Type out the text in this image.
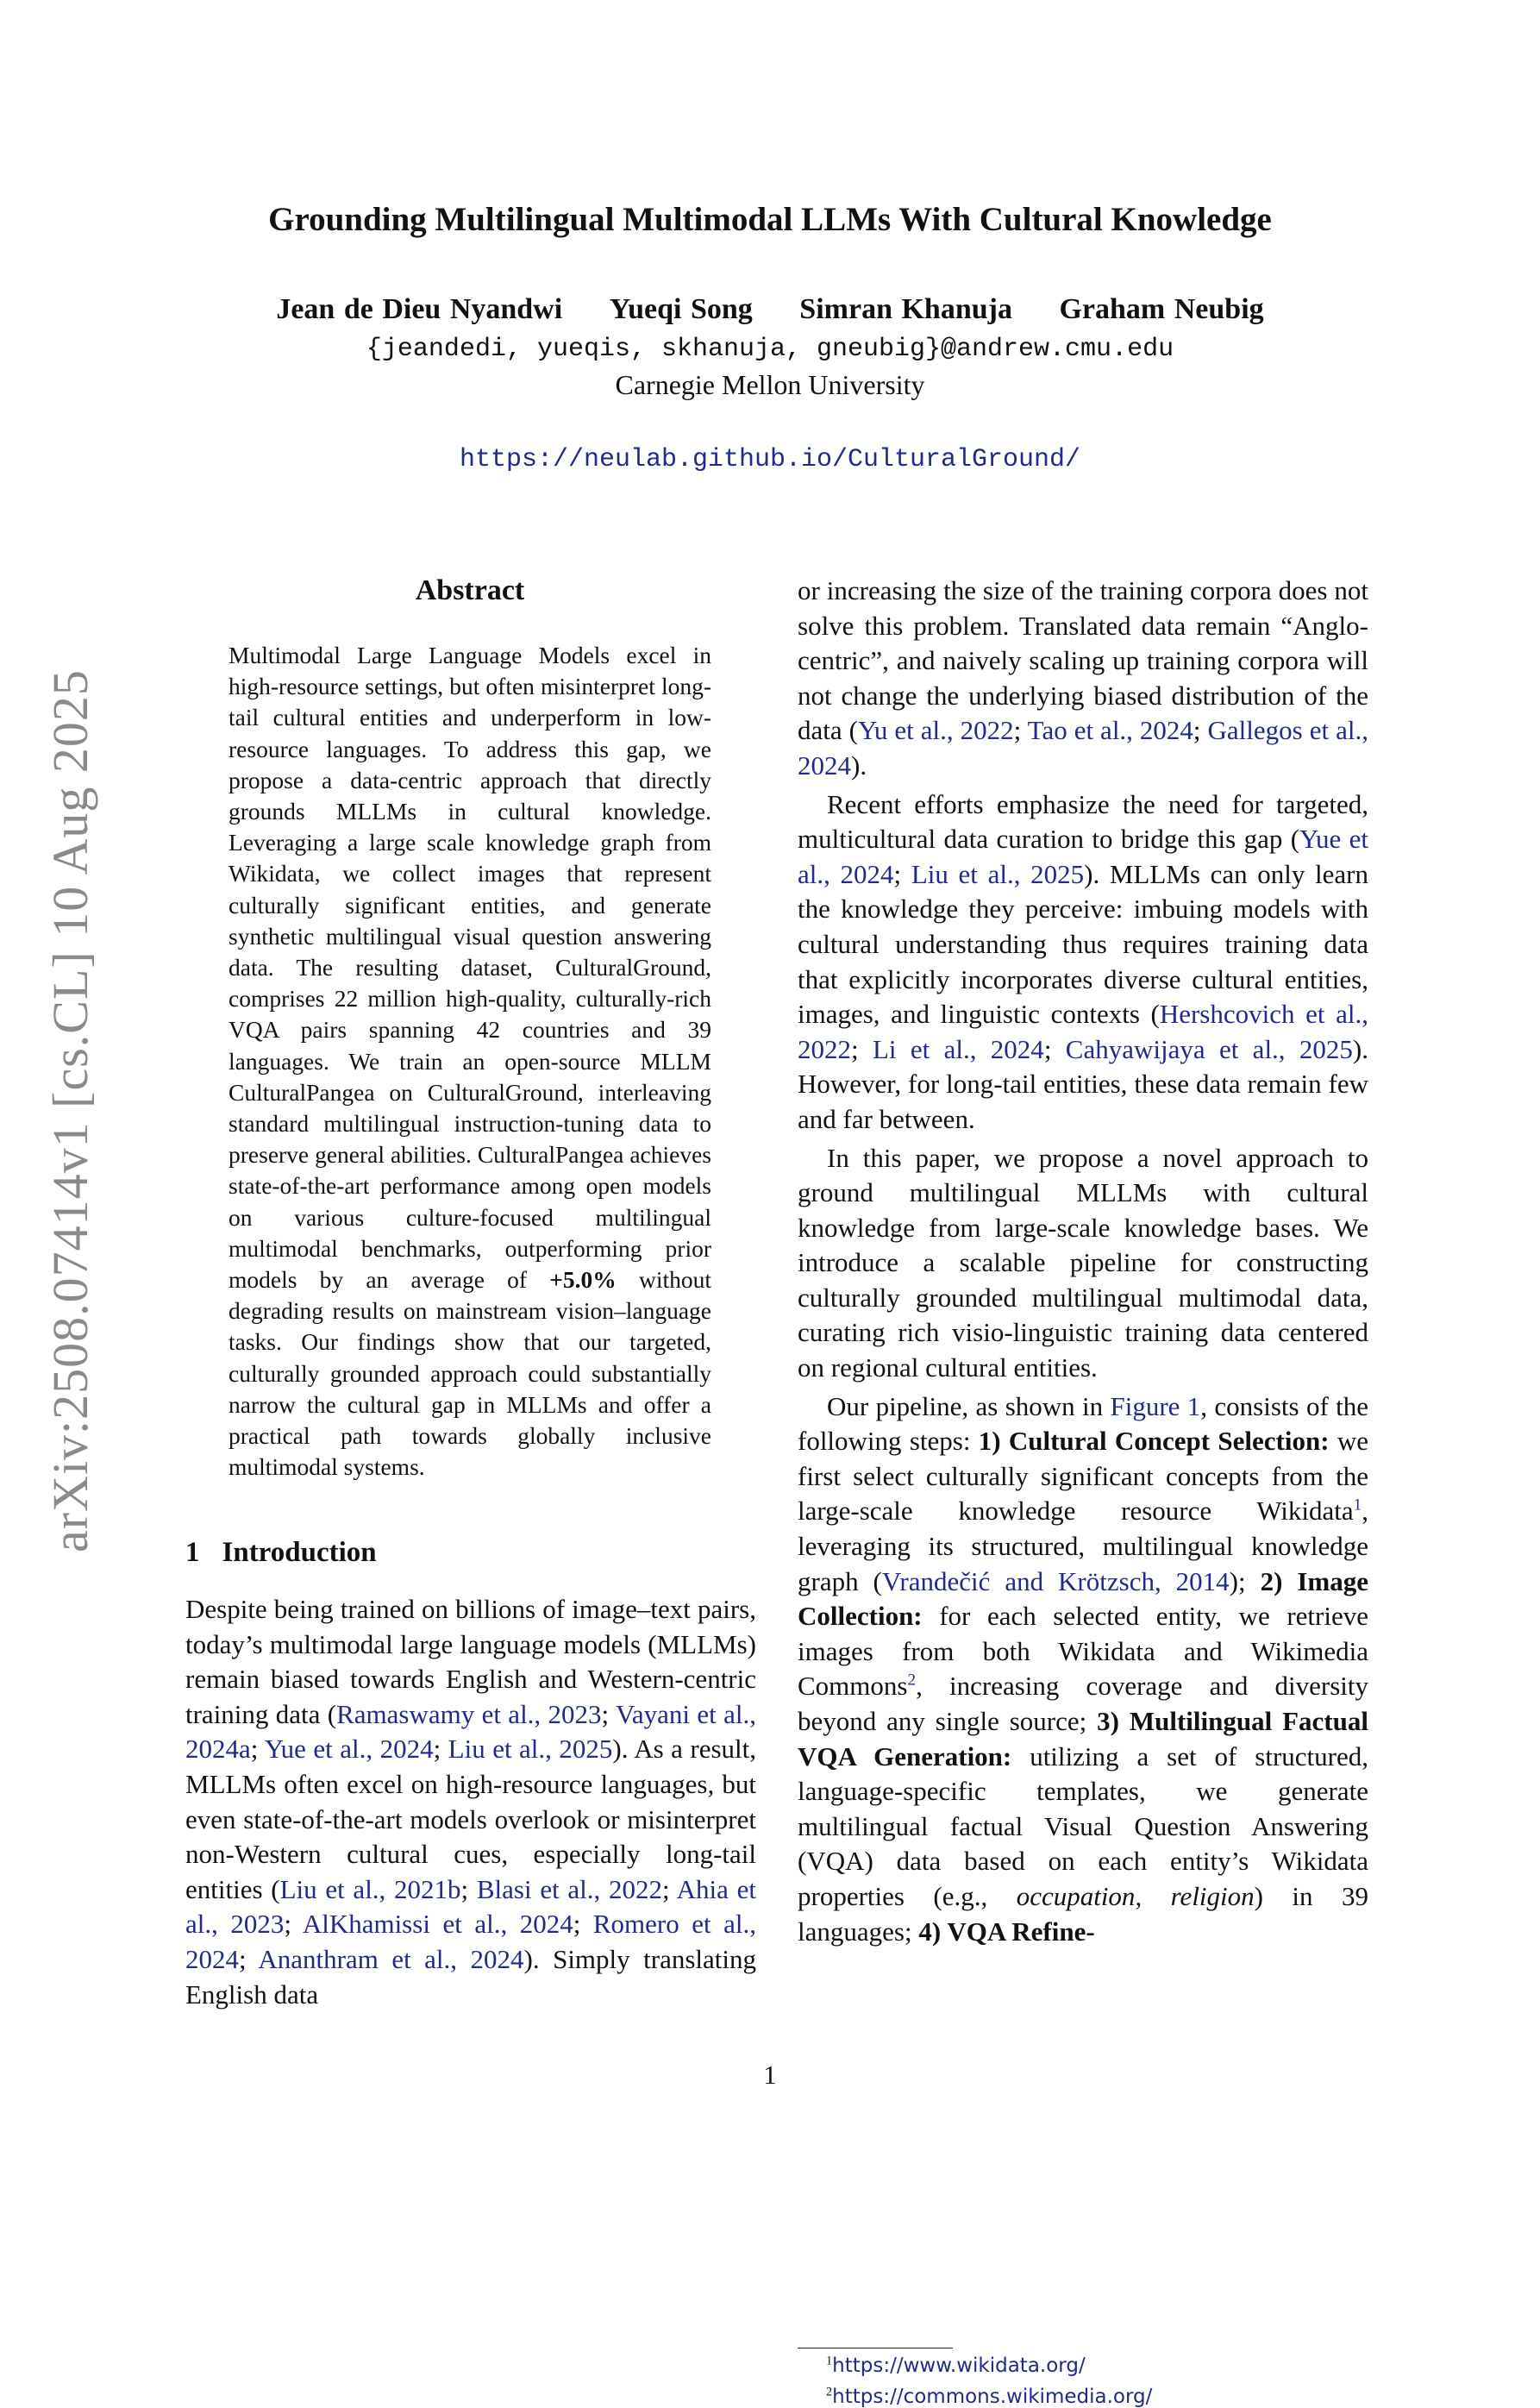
arXiv:2508.07414v1 [cs.CL] 10 Aug 2025
Grounding Multilingual Multimodal LLMs With Cultural Knowledge
Jean de Dieu Nyandwi Yueqi Song Simran Khanuja Graham Neubig
{jeandedi, yueqis, skhanuja, gneubig}@andrew.cmu.edu
Carnegie Mellon University
https://neulab.github.io/CulturalGround/
Abstract

Multimodal Large Language Models excel in high-resource settings, but often misinterpret long-tail cultural entities and underperform in low-resource languages. To address this gap, we propose a data-centric approach that directly grounds MLLMs in cultural knowledge. Leveraging a large scale knowledge graph from Wikidata, we collect images that represent culturally significant entities, and generate synthetic multilingual visual question answering data. The resulting dataset, CulturalGround, comprises 22 million high-quality, culturally-rich VQA pairs spanning 42 countries and 39 languages. We train an open-source MLLM CulturalPangea on CulturalGround, interleaving standard multilingual instruction-tuning data to preserve general abilities. CulturalPangea achieves state-of-the-art performance among open models on various culture-focused multilingual multimodal benchmarks, outperforming prior models by an average of +5.0% without degrading results on mainstream vision–language tasks. Our findings show that our targeted, culturally grounded approach could substantially narrow the cultural gap in MLLMs and offer a practical path towards globally inclusive multimodal systems.

1 Introduction

Despite being trained on billions of image–text pairs, today’s multimodal large language models (MLLMs) remain biased towards English and Western-centric training data (Ramaswamy et al., 2023; Vayani et al., 2024a; Yue et al., 2024; Liu et al., 2025). As a result, MLLMs often excel on high-resource languages, but even state-of-the-art models overlook or misinterpret non-Western cultural cues, especially long-tail entities (Liu et al., 2021b; Blasi et al., 2022; Ahia et al., 2023; AlKhamissi et al., 2024; Romero et al., 2024; Ananthram et al., 2024). Simply translating English data

or increasing the size of the training corpora does not solve this problem. Translated data remain “Anglo-centric”, and naively scaling up training corpora will not change the underlying biased distribution of the data (Yu et al., 2022; Tao et al., 2024; Gallegos et al., 2024).

Recent efforts emphasize the need for targeted, multicultural data curation to bridge this gap (Yue et al., 2024; Liu et al., 2025). MLLMs can only learn the knowledge they perceive: imbuing models with cultural understanding thus requires training data that explicitly incorporates diverse cultural entities, images, and linguistic contexts (Hershcovich et al., 2022; Li et al., 2024; Cahyawijaya et al., 2025). However, for long-tail entities, these data remain few and far between.

In this paper, we propose a novel approach to ground multilingual MLLMs with cultural knowledge from large-scale knowledge bases. We introduce a scalable pipeline for constructing culturally grounded multilingual multimodal data, curating rich visio-linguistic training data centered on regional cultural entities.

Our pipeline, as shown in Figure 1, consists of the following steps: 1) Cultural Concept Selection: we first select culturally significant concepts from the large-scale knowledge resource Wikidata$^1$, leveraging its structured, multilingual knowledge graph (Vrandečić and Krötzsch, 2014); 2) Image Collection: for each selected entity, we retrieve images from both Wikidata and Wikimedia Commons$^2$, increasing coverage and diversity beyond any single source; 3) Multilingual Factual VQA Generation: utilizing a set of structured, language-specific templates, we generate multilingual factual Visual Question Answering (VQA) data based on each entity’s Wikidata properties (e.g., occupation, religion) in 39 languages; 4) VQA Refine-

$^1$https://www.wikidata.org/
$^2$https://commons.wikimedia.org/
1
